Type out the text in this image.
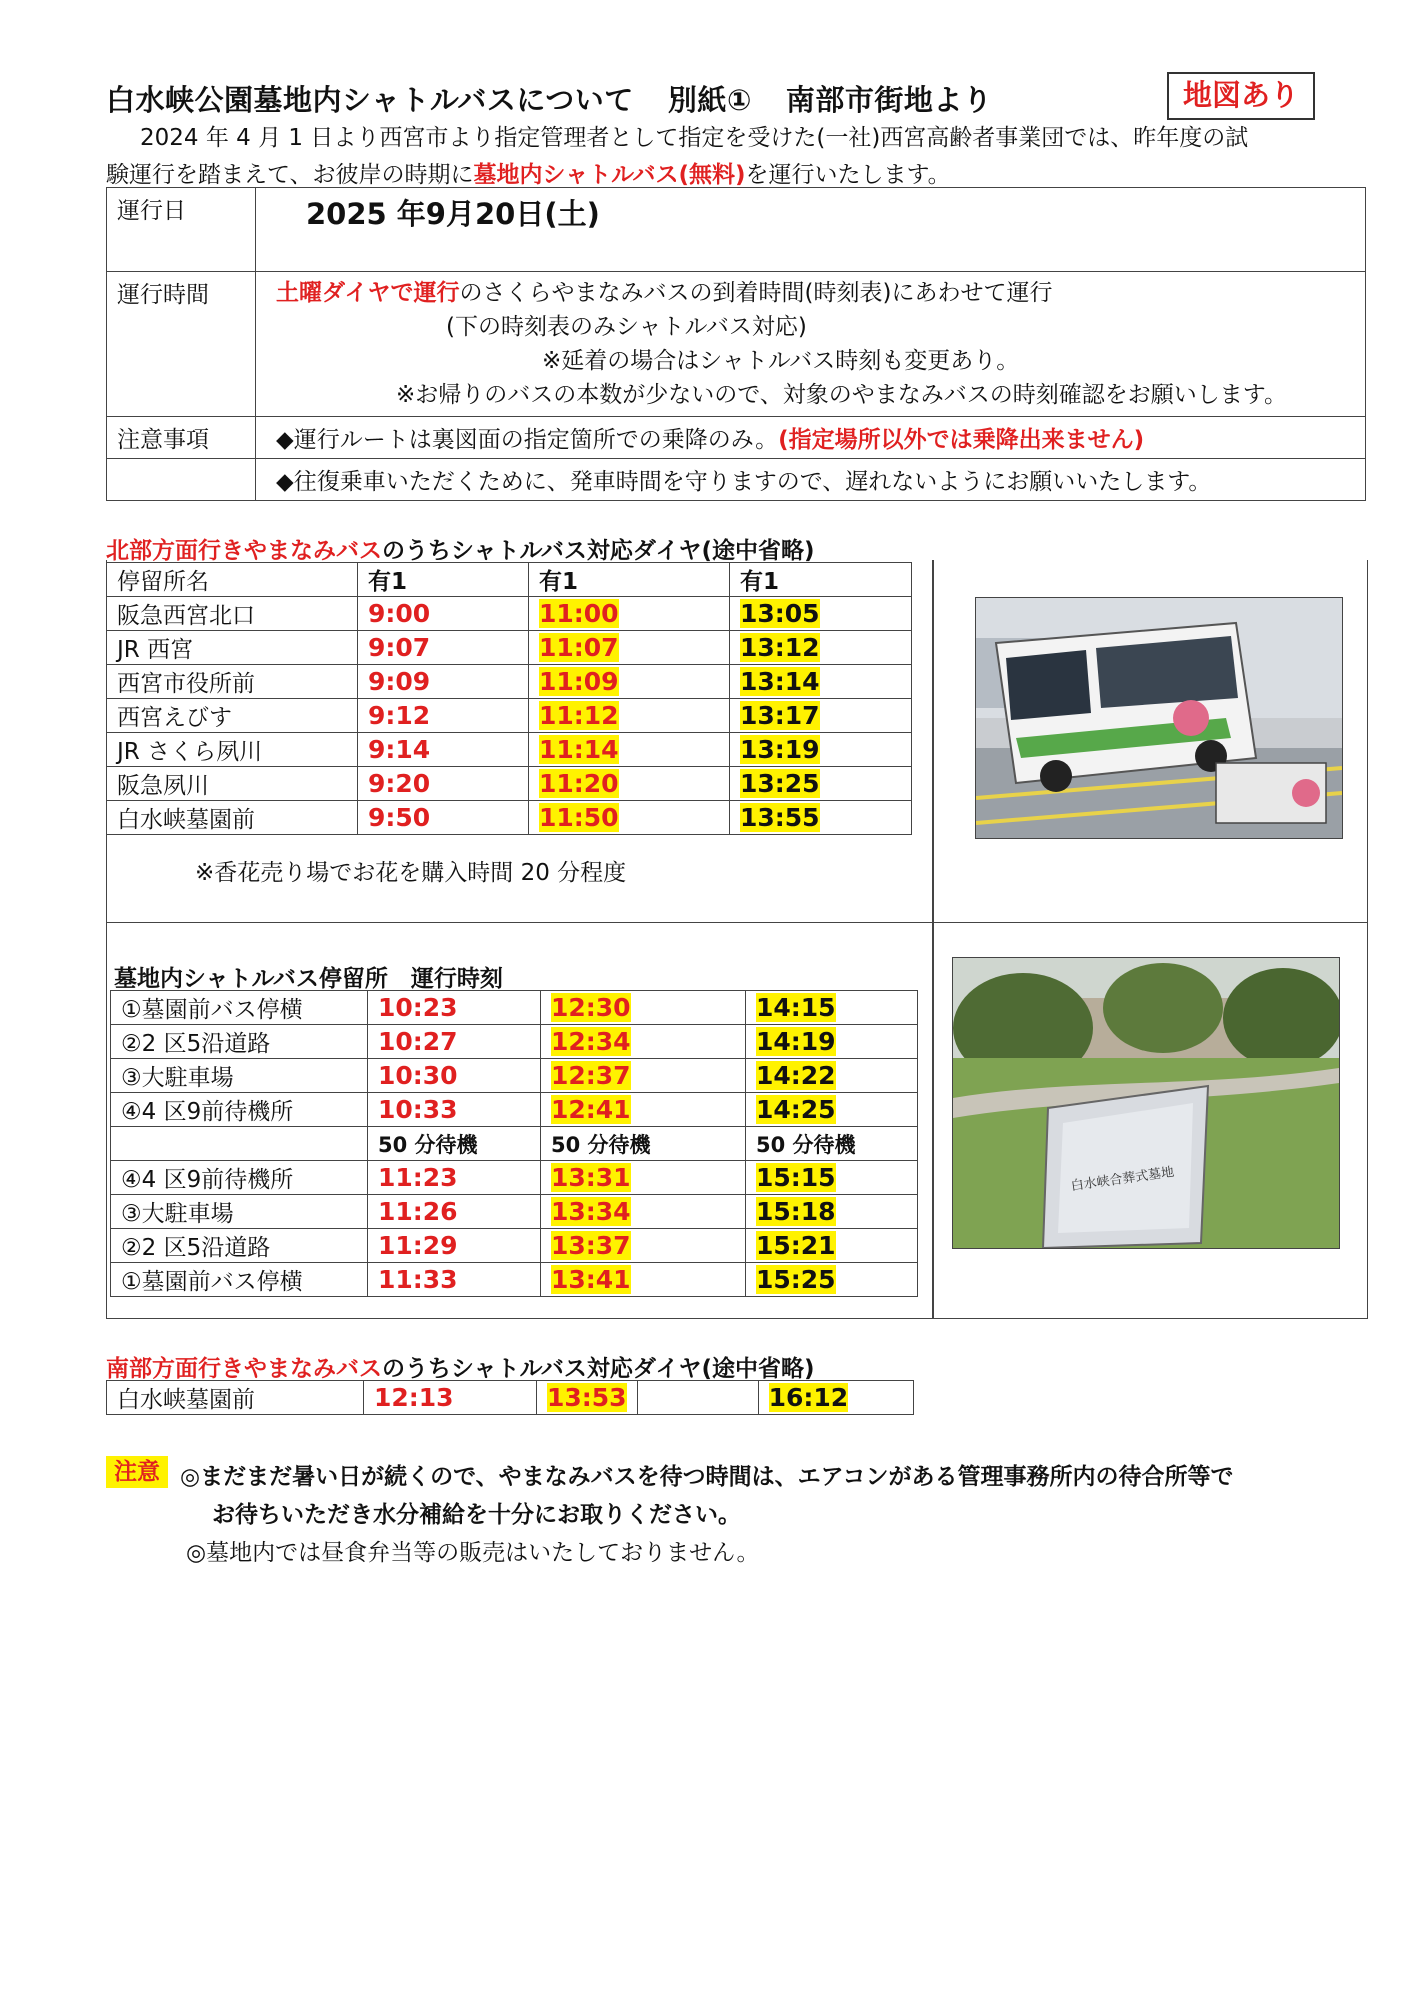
白水峡公園墓地内シャトルバスについて 別紙① 南部市街地より	地図あり
2024 年 4 月 1 日より西宮市より指定管理者として指定を受けた(一社)西宮高齢者事業団では、昨年度の試
験運行を踏まえて、お彼岸の時期に墓地内シャトルバス(無料)を運行いたします。
運行日	2025 年9月20日(土)
運行時間	土曜ダイヤで運行のさくらやまなみバスの到着時間(時刻表)にあわせて運行
(下の時刻表のみシャトルバス対応)
※延着の場合はシャトルバス時刻も変更あり。
※お帰りのバスの本数が少ないので、対象のやまなみバスの時刻確認をお願いします。

注意事項	◆運行ルートは裏図面の指定箇所での乗降のみ。(指定場所以外では乗降出来ません)
	◆往復乗車いただくために、発車時間を守りますので、遅れないようにお願いいたします。
北部方面行きやまなみバスのうちシャトルバス対応ダイヤ(途中省略)
停留所名	有1	有1	有1
阪急西宮北口	9:00	11:00	13:05
JR 西宮	9:07	11:07	13:12
西宮市役所前	9:09	11:09	13:14
西宮えびす	9:12	11:12	13:17
JR さくら夙川	9:14	11:14	13:19
阪急夙川	9:20	11:20	13:25
白水峡墓園前	9:50	11:50	13:55
※香花売り場でお花を購入時間 20 分程度
墓地内シャトルバス停留所　運行時刻
①墓園前バス停横	10:23	12:30	14:15
②2 区5沿道路	10:27	12:34	14:19
③大駐車場	10:30	12:37	14:22
④4 区9前待機所	10:33	12:41	14:25
	50 分待機	50 分待機	50 分待機
④4 区9前待機所	11:23	13:31	15:15
③大駐車場	11:26	13:34	15:18
②2 区5沿道路	11:29	13:37	15:21
①墓園前バス停横	11:33	13:41	15:25
白水峡合葬式墓地
南部方面行きやまなみバスのうちシャトルバス対応ダイヤ(途中省略)
白水峡墓園前	12:13	13:53		16:12
注意 ◎まだまだ暑い日が続くので、やまなみバスを待つ時間は、エアコンがある管理事務所内の待合所等で
お待ちいただき水分補給を十分にお取りください。
◎墓地内では昼食弁当等の販売はいたしておりません。
